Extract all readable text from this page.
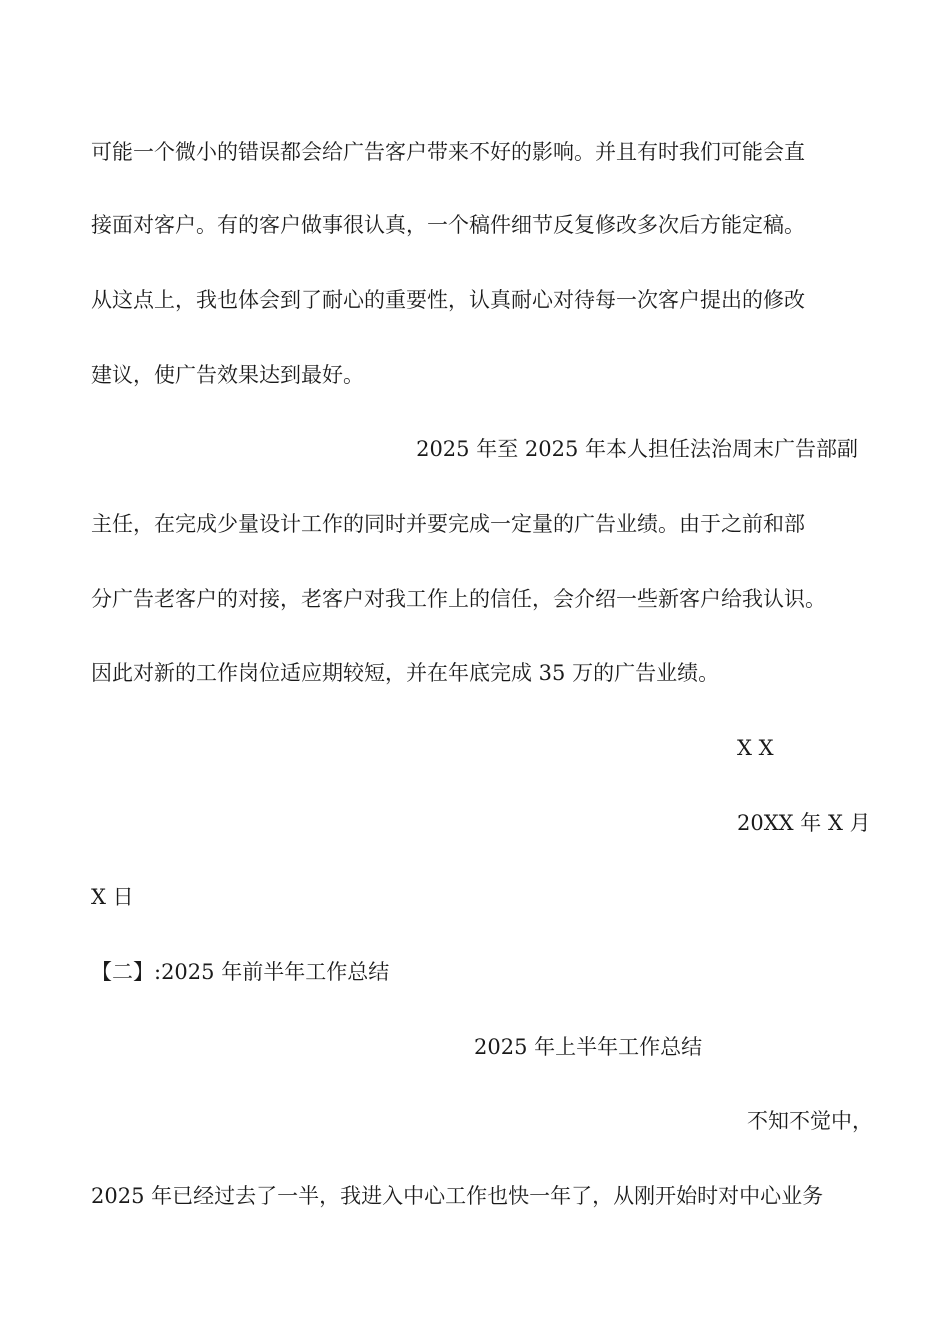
可能一个微小的错误都会给广告客户带来不好的影响。并且有时我们可能会直
接面对客户。有的客户做事很认真，一个稿件细节反复修改多次后方能定稿。
从这点上，我也体会到了耐心的重要性，认真耐心对待每一次客户提出的修改
建议，使广告效果达到最好。
2025 年至 2025 年本人担任法治周末广告部副
主任，在完成少量设计工作的同时并要完成一定量的广告业绩。由于之前和部
分广告老客户的对接，老客户对我工作上的信任，会介绍一些新客户给我认识。
因此对新的工作岗位适应期较短，并在年底完成 35 万的广告业绩。
X X
20XX 年 X 月
X 日
【二】:2025 年前半年工作总结
2025 年上半年工作总结
不知不觉中，
2025 年已经过去了一半，我进入中心工作也快一年了，从刚开始时对中心业务
